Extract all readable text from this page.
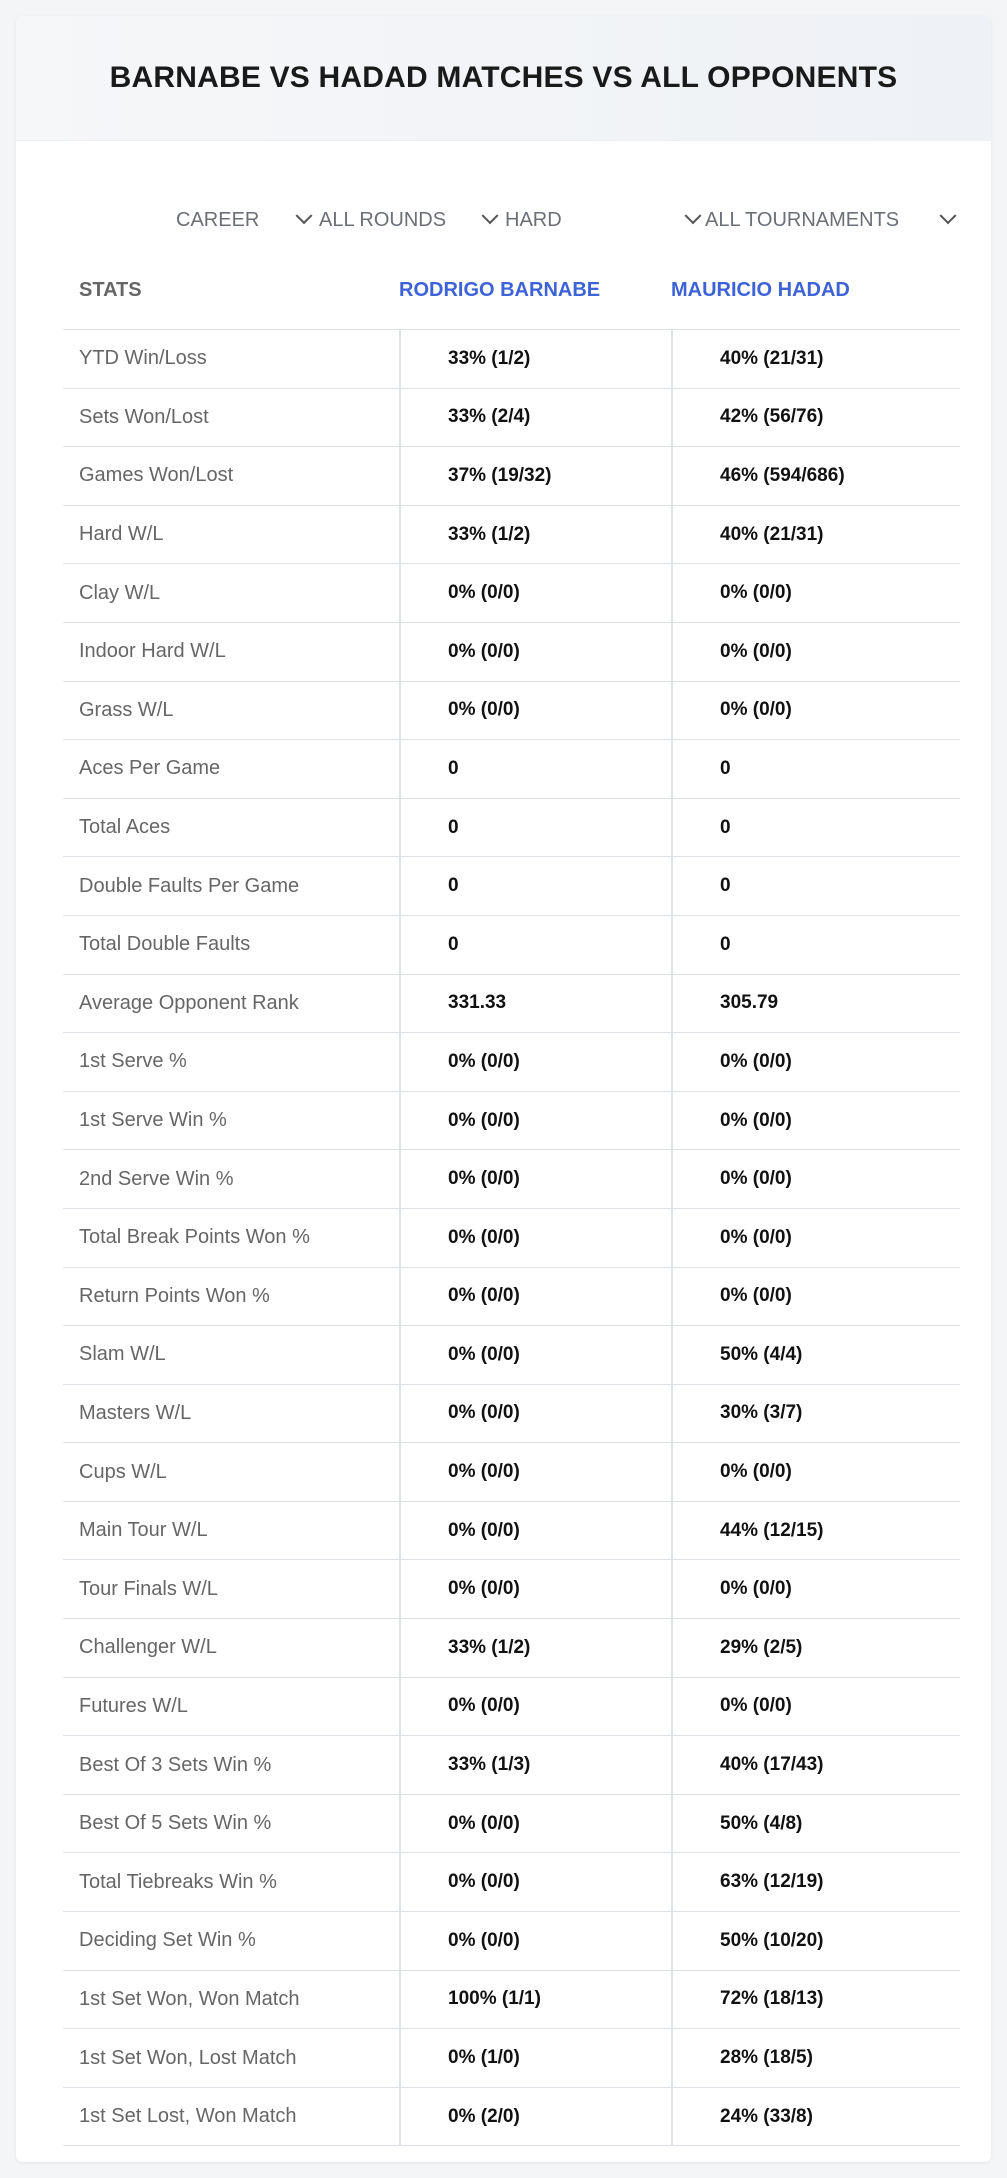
BARNABE VS HADAD MATCHES VS ALL OPPONENTS
CAREER	ALL ROUNDS	HARD	ALL TOURNAMENTS
STATS	RODRIGO BARNABE	MAURICIO HADAD
YTD Win/Loss	33% (1/2)	40% (21/31)
Sets Won/Lost	33% (2/4)	42% (56/76)
Games Won/Lost	37% (19/32)	46% (594/686)
Hard W/L	33% (1/2)	40% (21/31)
Clay W/L	0% (0/0)	0% (0/0)
Indoor Hard W/L	0% (0/0)	0% (0/0)
Grass W/L	0% (0/0)	0% (0/0)
Aces Per Game	0	0
Total Aces	0	0
Double Faults Per Game	0	0
Total Double Faults	0	0
Average Opponent Rank	331.33	305.79
1st Serve %	0% (0/0)	0% (0/0)
1st Serve Win %	0% (0/0)	0% (0/0)
2nd Serve Win %	0% (0/0)	0% (0/0)
Total Break Points Won %	0% (0/0)	0% (0/0)
Return Points Won %	0% (0/0)	0% (0/0)
Slam W/L	0% (0/0)	50% (4/4)
Masters W/L	0% (0/0)	30% (3/7)
Cups W/L	0% (0/0)	0% (0/0)
Main Tour W/L	0% (0/0)	44% (12/15)
Tour Finals W/L	0% (0/0)	0% (0/0)
Challenger W/L	33% (1/2)	29% (2/5)
Futures W/L	0% (0/0)	0% (0/0)
Best Of 3 Sets Win %	33% (1/3)	40% (17/43)
Best Of 5 Sets Win %	0% (0/0)	50% (4/8)
Total Tiebreaks Win %	0% (0/0)	63% (12/19)
Deciding Set Win %	0% (0/0)	50% (10/20)
1st Set Won, Won Match	100% (1/1)	72% (18/13)
1st Set Won, Lost Match	0% (1/0)	28% (18/5)
1st Set Lost, Won Match	0% (2/0)	24% (33/8)
